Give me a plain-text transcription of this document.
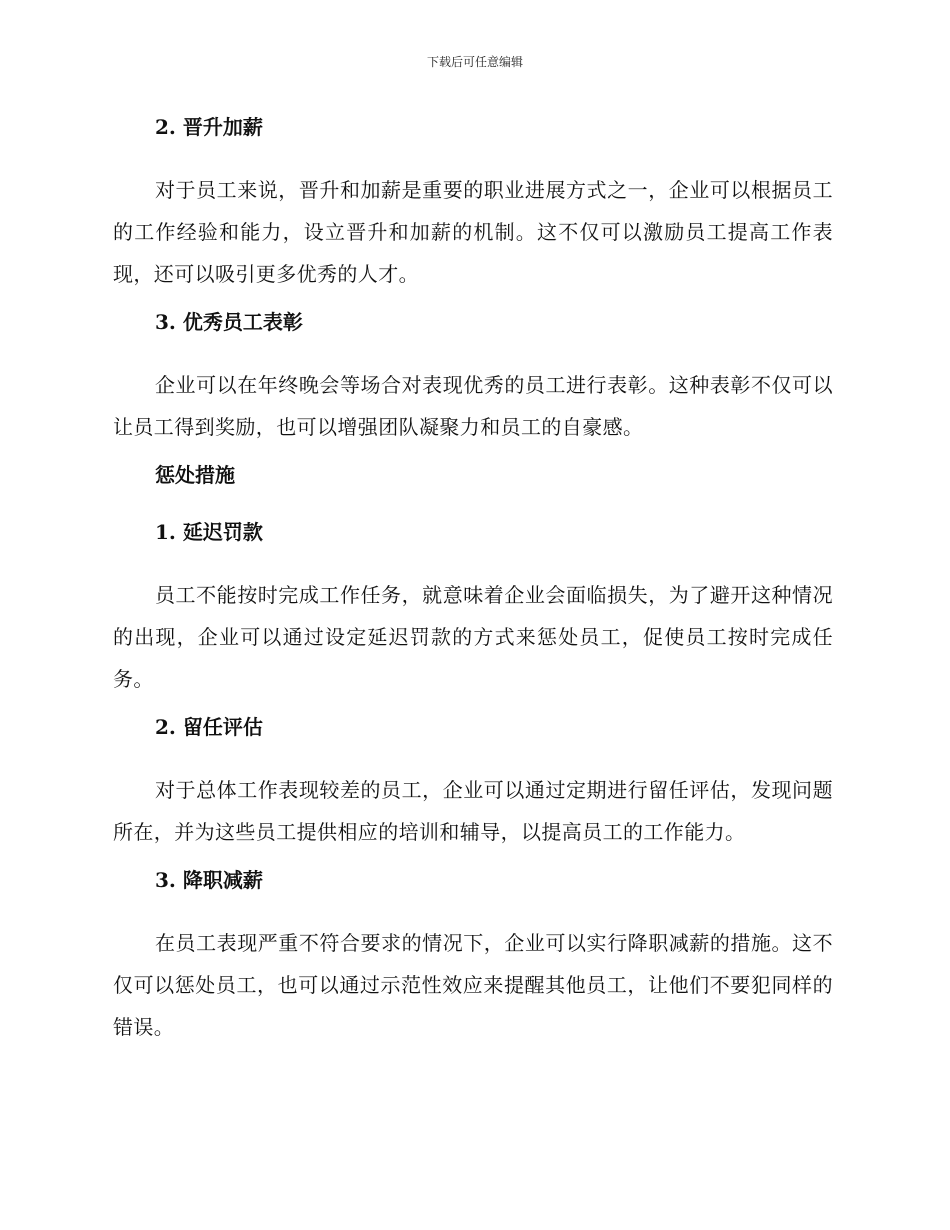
下载后可任意编辑
2. 晋升加薪

对于员工来说，晋升和加薪是重要的职业进展方式之一，企业可以根据员工的工作经验和能力，设立晋升和加薪的机制。这不仅可以激励员工提高工作表现，还可以吸引更多优秀的人才。

3. 优秀员工表彰

企业可以在年终晚会等场合对表现优秀的员工进行表彰。这种表彰不仅可以让员工得到奖励，也可以增强团队凝聚力和员工的自豪感。

惩处措施
1. 延迟罚款

员工不能按时完成工作任务，就意味着企业会面临损失，为了避开这种情况的出现，企业可以通过设定延迟罚款的方式来惩处员工，促使员工按时完成任务。

2. 留任评估

对于总体工作表现较差的员工，企业可以通过定期进行留任评估，发现问题所在，并为这些员工提供相应的培训和辅导，以提高员工的工作能力。

3. 降职减薪

在员工表现严重不符合要求的情况下，企业可以实行降职减薪的措施。这不仅可以惩处员工，也可以通过示范性效应来提醒其他员工，让他们不要犯同样的错误。
